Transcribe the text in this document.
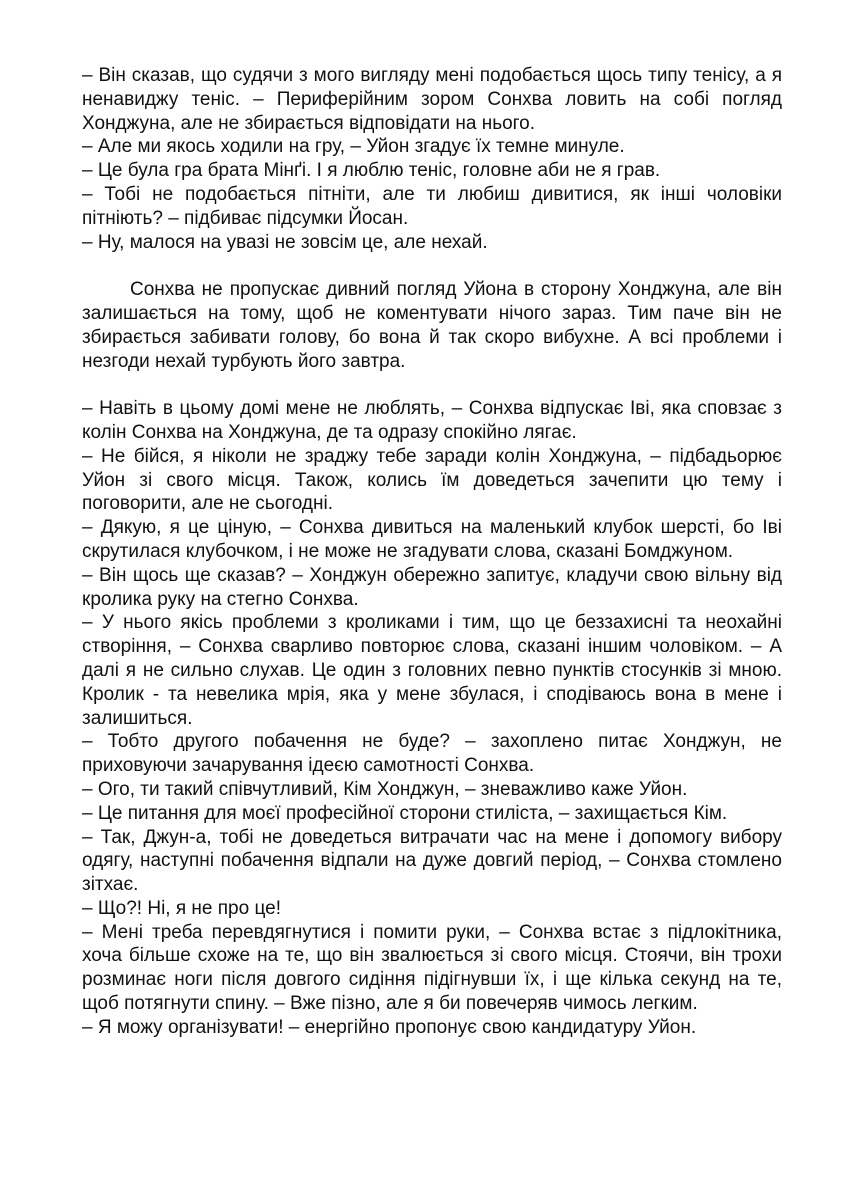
– Він сказав, що судячи з мого вигляду мені подобається щось типу тенісу, а я ненавиджу теніс. – Периферійним зором Сонхва ловить на собі погляд Хонджуна, але не збирається відповідати на нього.

– Але ми якось ходили на гру, – Уйон згадує їх темне минуле.

– Це була гра брата Мінґі. І я люблю теніс, головне аби не я грав.

– Тобі не подобається пітніти, але ти любиш дивитися, як інші чоловіки пітніють? – підбиває підсумки Йосан.

– Ну, малося на увазі не зовсім це, але нехай.

Сонхва не пропускає дивний погляд Уйона в сторону Хонджуна, але він залишається на тому, щоб не коментувати нічого зараз. Тим паче він не збирається забивати голову, бо вона й так скоро вибухне. А всі проблеми і незгоди нехай турбують його завтра.

– Навіть в цьому домі мене не люблять, – Сонхва відпускає Іві, яка сповзає з колін Сонхва на Хонджуна, де та одразу спокійно лягає.

– Не бійся, я ніколи не зраджу тебе заради колін Хонджуна, – підбадьорює Уйон зі свого місця. Також, колись їм доведеться зачепити цю тему і поговорити, але не сьогодні.

– Дякую, я це ціную, – Сонхва дивиться на маленький клубок шерсті, бо Іві скрутилася клубочком, і не може не згадувати слова, сказані Бомджуном.

– Він щось ще сказав? – Хонджун обережно запитує, кладучи свою вільну від кролика руку на стегно Сонхва.

– У нього якісь проблеми з кроликами і тим, що це беззахисні та неохайні створіння, – Сонхва сварливо повторює слова, сказані іншим чоловіком. – А далі я не сильно слухав. Це один з головних певно пунктів стосунків зі мною. Кролик - та невелика мрія, яка у мене збулася, і сподіваюсь вона в мене і залишиться.

– Тобто другого побачення не буде? – захоплено питає Хонджун, не приховуючи зачарування ідеєю самотності Сонхва.

– Ого, ти такий співчутливий, Кім Хонджун, – зневажливо каже Уйон.

– Це питання для моєї професійної сторони стиліста, – захищається Кім.

– Так, Джун-а, тобі не доведеться витрачати час на мене і допомогу вибору одягу, наступні побачення відпали на дуже довгий період, – Сонхва стомлено зітхає.

– Що?! Ні, я не про це!

– Мені треба перевдягнутися і помити руки, – Сонхва встає з підлокітника, хоча більше схоже на те, що він звалюється зі свого місця. Стоячи, він трохи розминає ноги після довгого сидіння підігнувши їх, і ще кілька секунд на те, щоб потягнути спину. – Вже пізно, але я би повечеряв чимось легким.

– Я можу організувати! – енергійно пропонує свою кандидатуру Уйон.
